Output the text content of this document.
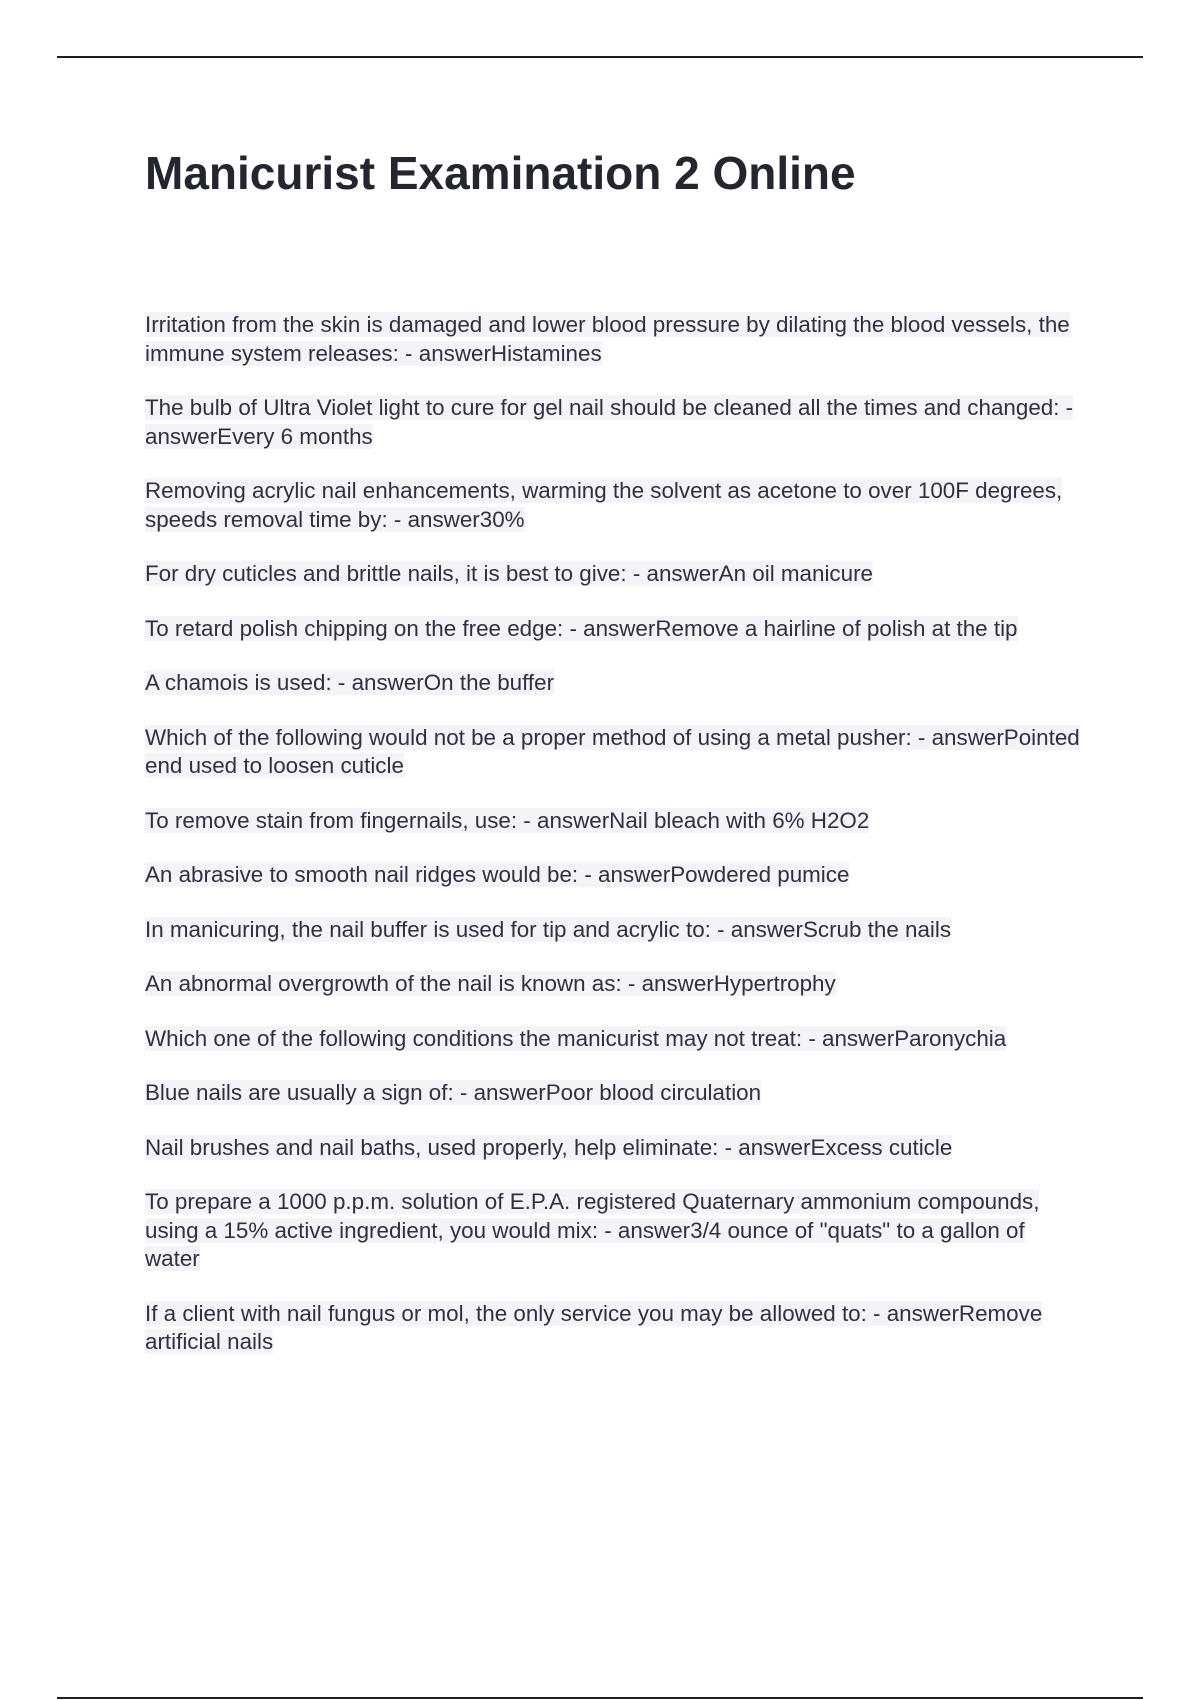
Manicurist Examination 2 Online
Irritation from the skin is damaged and lower blood pressure by dilating the blood vessels, the immune system releases: - answerHistamines
The bulb of Ultra Violet light to cure for gel nail should be cleaned all the times and changed: - answerEvery 6 months
Removing acrylic nail enhancements, warming the solvent as acetone to over 100F degrees, speeds removal time by: - answer30%
For dry cuticles and brittle nails, it is best to give: - answerAn oil manicure
To retard polish chipping on the free edge: - answerRemove a hairline of polish at the tip
A chamois is used: - answerOn the buffer
Which of the following would not be a proper method of using a metal pusher: - answerPointed end used to loosen cuticle
To remove stain from fingernails, use: - answerNail bleach with 6% H2O2
An abrasive to smooth nail ridges would be: - answerPowdered pumice
In manicuring, the nail buffer is used for tip and acrylic to: - answerScrub the nails
An abnormal overgrowth of the nail is known as: - answerHypertrophy
Which one of the following conditions the manicurist may not treat: - answerParonychia
Blue nails are usually a sign of: - answerPoor blood circulation
Nail brushes and nail baths, used properly, help eliminate: - answerExcess cuticle
To prepare a 1000 p.p.m. solution of E.P.A. registered Quaternary ammonium compounds, using a 15% active ingredient, you would mix: - answer3/4 ounce of "quats" to a gallon of water
If a client with nail fungus or mol, the only service you may be allowed to: - answerRemove artificial nails
